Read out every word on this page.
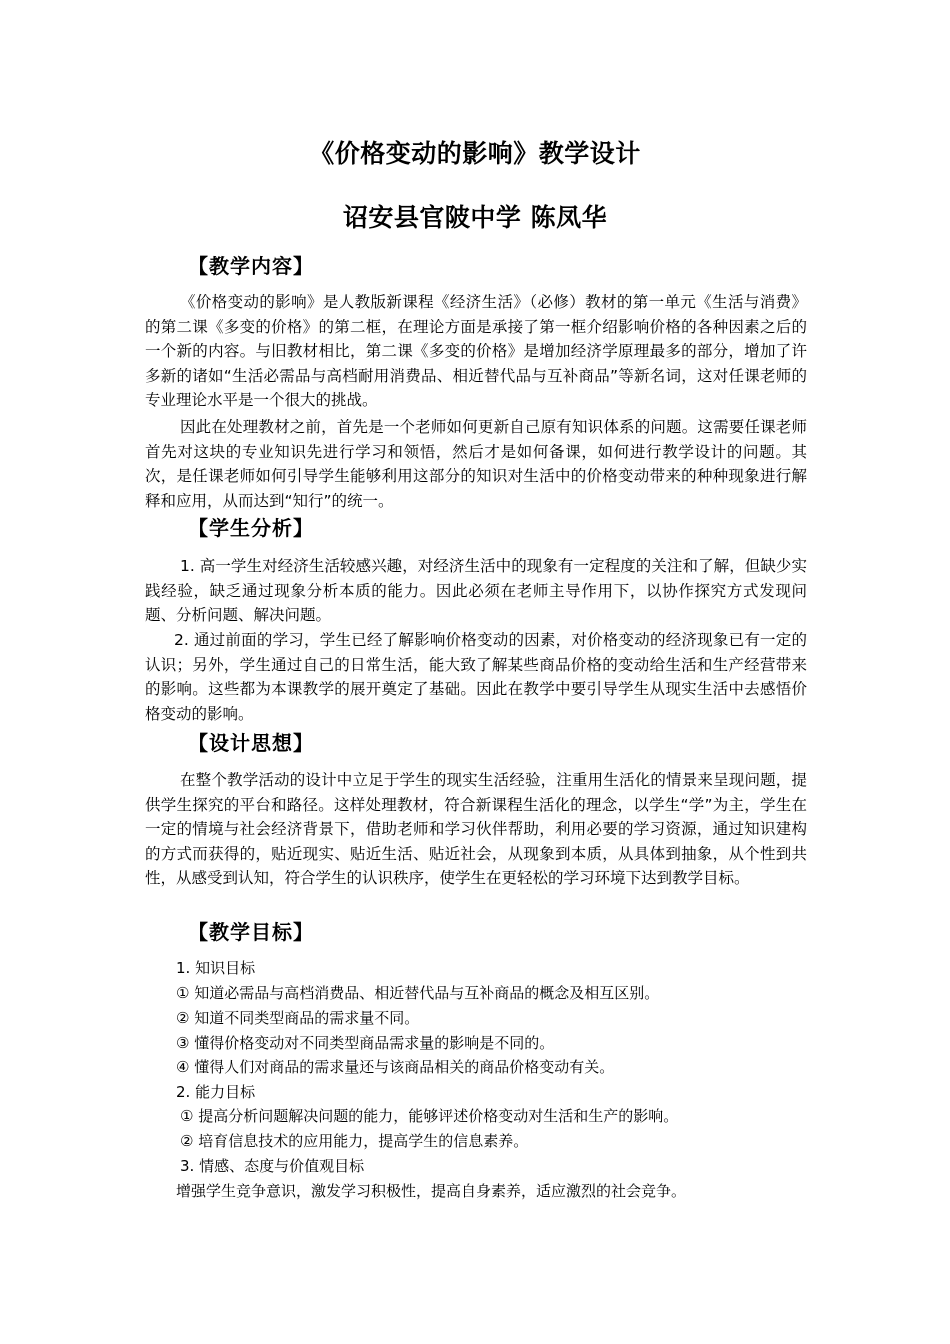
《价格变动的影响》教学设计
诏安县官陂中学 陈凤华
【教学内容】
《价格变动的影响》是人教版新课程《经济生活》（必修）教材的第一单元《生活与消费》的第二课《多变的价格》的第二框，在理论方面是承接了第一框介绍影响价格的各种因素之后的一个新的内容。与旧教材相比，第二课《多变的价格》是增加经济学原理最多的部分，增加了许多新的诸如“生活必需品与高档耐用消费品、相近替代品与互补商品”等新名词，这对任课老师的专业理论水平是一个很大的挑战。
因此在处理教材之前，首先是一个老师如何更新自己原有知识体系的问题。这需要任课老师首先对这块的专业知识先进行学习和领悟，然后才是如何备课，如何进行教学设计的问题。其次，是任课老师如何引导学生能够利用这部分的知识对生活中的价格变动带来的种种现象进行解释和应用，从而达到“知行”的统一。
【学生分析】
1. 高一学生对经济生活较感兴趣，对经济生活中的现象有一定程度的关注和了解，但缺少实践经验，缺乏通过现象分析本质的能力。因此必须在老师主导作用下，以协作探究方式发现问题、分析问题、解决问题。
2. 通过前面的学习，学生已经了解影响价格变动的因素，对价格变动的经济现象已有一定的认识；另外，学生通过自己的日常生活，能大致了解某些商品价格的变动给生活和生产经营带来的影响。这些都为本课教学的展开奠定了基础。因此在教学中要引导学生从现实生活中去感悟价格变动的影响。
【设计思想】
在整个教学活动的设计中立足于学生的现实生活经验，注重用生活化的情景来呈现问题，提供学生探究的平台和路径。这样处理教材，符合新课程生活化的理念，以学生“学”为主，学生在一定的情境与社会经济背景下，借助老师和学习伙伴帮助，利用必要的学习资源，通过知识建构的方式而获得的，贴近现实、贴近生活、贴近社会，从现象到本质，从具体到抽象，从个性到共性，从感受到认知，符合学生的认识秩序，使学生在更轻松的学习环境下达到教学目标。
【教学目标】
1. 知识目标
① 知道必需品与高档消费品、相近替代品与互补商品的概念及相互区别。
② 知道不同类型商品的需求量不同。
③ 懂得价格变动对不同类型商品需求量的影响是不同的。
④ 懂得人们对商品的需求量还与该商品相关的商品价格变动有关。
2. 能力目标
① 提高分析问题解决问题的能力，能够评述价格变动对生活和生产的影响。
② 培育信息技术的应用能力，提高学生的信息素养。
3. 情感、态度与价值观目标
增强学生竞争意识，激发学习积极性，提高自身素养，适应激烈的社会竞争。
